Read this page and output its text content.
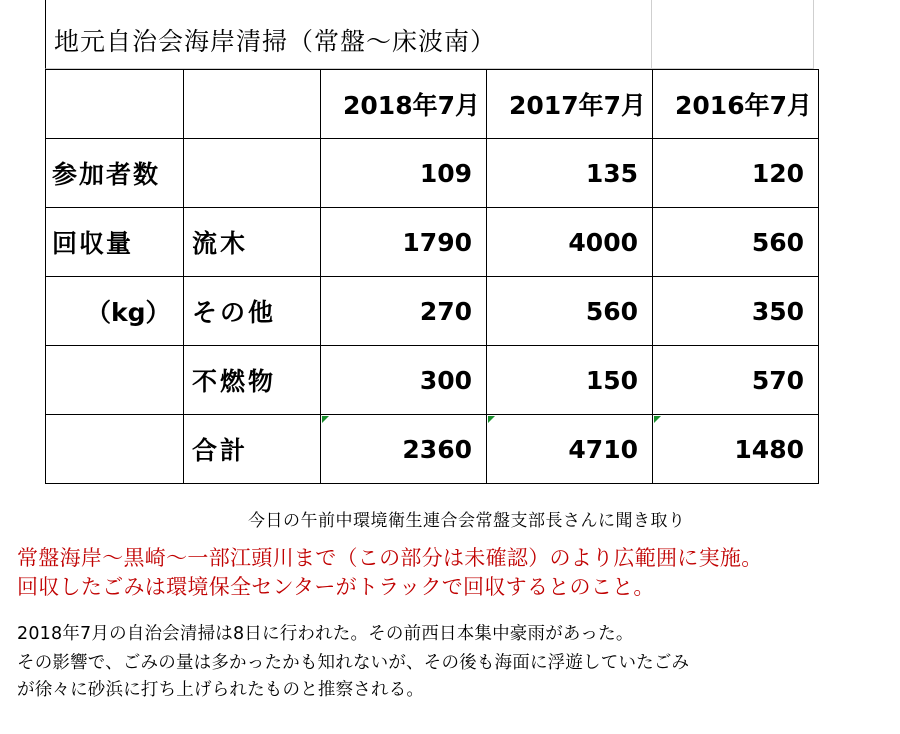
地元自治会海岸清掃（常盤～床波南）
		2018年7月	2017年7月	2016年7月
参加者数		109	135	120
回収量	流木	1790	4000	560
（kg）	その他	270	560	350
	不燃物	300	150	570
	合計	2360	4710	1480
今日の午前中環境衛生連合会常盤支部長さんに聞き取り
常盤海岸～黒崎～一部江頭川まで（この部分は未確認）のより広範囲に実施。
回収したごみは環境保全センターがトラックで回収するとのこと。
2018年7月の自治会清掃は8日に行われた。その前西日本集中豪雨があった。
その影響で、ごみの量は多かったかも知れないが、その後も海面に浮遊していたごみ
が徐々に砂浜に打ち上げられたものと推察される。
